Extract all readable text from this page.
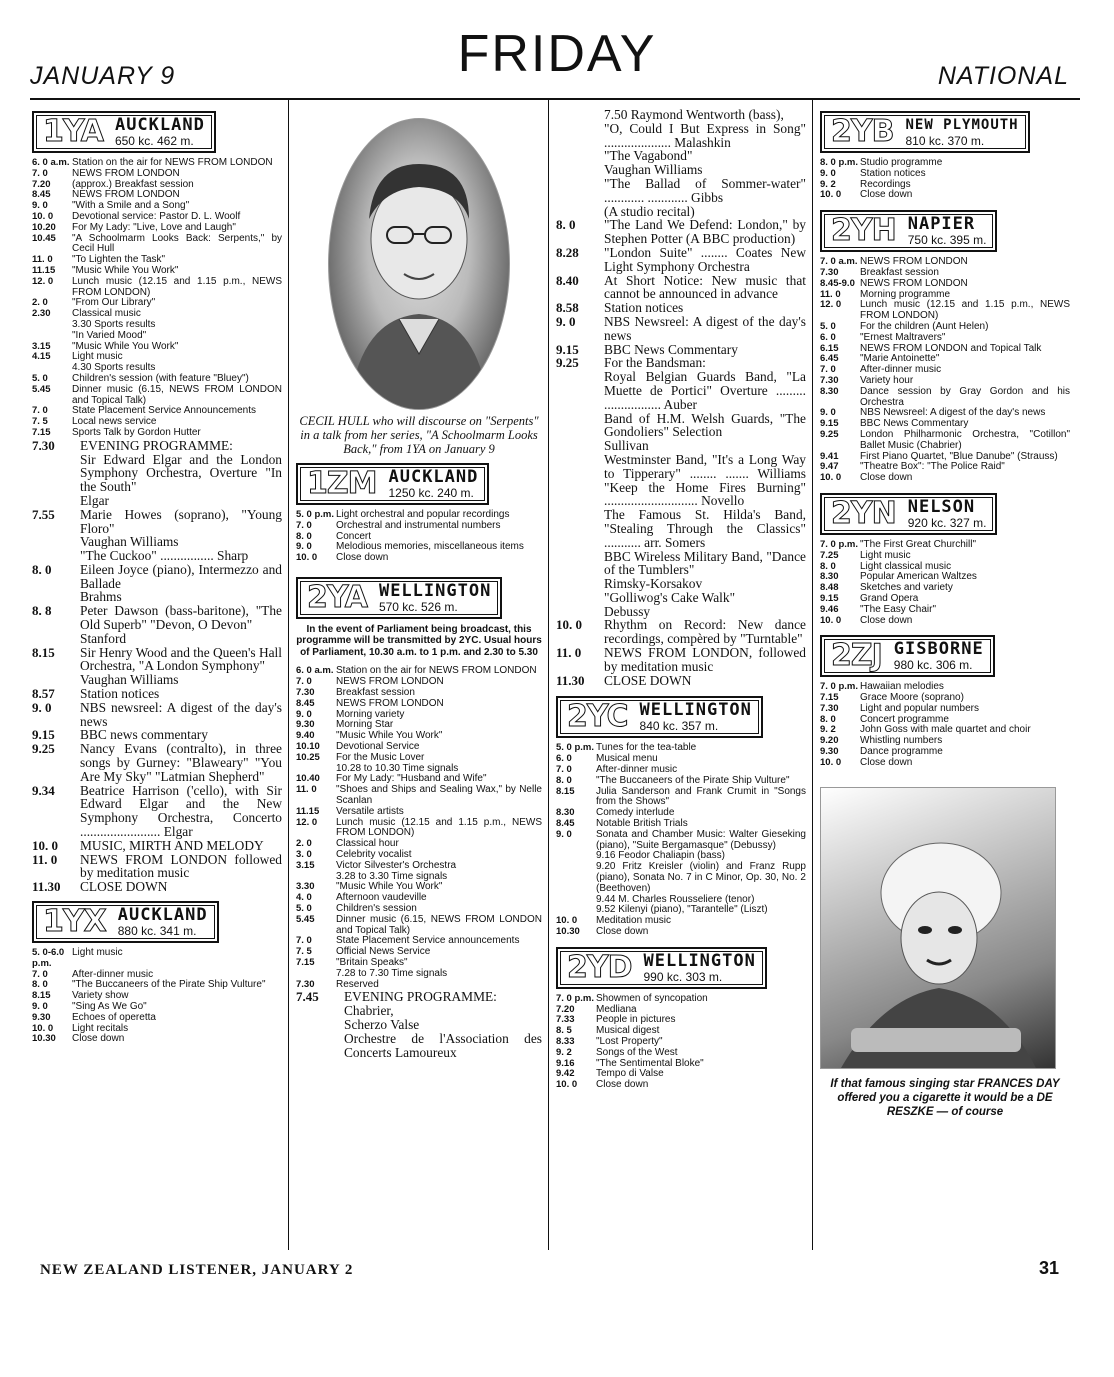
JANUARY 9	FRIDAY	NATIONAL
1YA AUCKLAND
650 kc. 462 m.
6. 0 a.m. Station on the air for NEWS FROM LONDON
7. 0	NEWS FROM LONDON
7.20	(approx.) Breakfast session
8.45	NEWS FROM LONDON
9. 0	"With a Smile and a Song"
10. 0	Devotional service: Pastor D. L. Woolf
10.20	For My Lady: "Live, Love and Laugh"
10.45	"A Schoolmarm Looks Back: Serpents," by Cecil Hull
11. 0	"To Lighten the Task"
11.15	"Music While You Work"
12. 0	Lunch music (12.15 and 1.15 p.m., NEWS FROM LONDON)
2. 0	"From Our Library"
2.30	Classical music
3.30 Sports results
"In Varied Mood"
3.15	"Music While You Work"
4.15	Light music
4.30 Sports results
5. 0	Children's session (with feature "Bluey")
5.45	Dinner music (6.15, NEWS FROM LONDON and Topical Talk)
7. 0	State Placement Service Announcements
7. 5	Local news service
7.15	Sports Talk by Gordon Hutter
7.30	EVENING PROGRAMME:
Sir Edward Elgar and the London Symphony Orchestra, Overture "In the South"
Elgar
7.55	Marie Howes (soprano), "Young Floro"
Vaughan Williams
"The Cuckoo" ................ Sharp
8. 0	Eileen Joyce (piano), Intermezzo and Ballade
Brahms
8. 8	Peter Dawson (bass-baritone), "The Old Superb" "Devon, O Devon"
Stanford
8.15	Sir Henry Wood and the Queen's Hall Orchestra, "A London Symphony"
Vaughan Williams
8.57	Station notices
9. 0	NBS newsreel: A digest of the day's news
9.15	BBC news commentary
9.25	Nancy Evans (contralto), in three songs by Gurney: "Blaweary" "You Are My Sky" "Latmian Shepherd"
9.34	Beatrice Harrison ('cello), with Sir Edward Elgar and the New Symphony Orchestra, Concerto ........................ Elgar
10. 0	MUSIC, MIRTH AND MELODY
11. 0	NEWS FROM LONDON followed by meditation music
11.30	CLOSE DOWN
1YX AUCKLAND
880 kc. 341 m.
5. 0-6.0 p.m.
Light music
7. 0	After-dinner music
8. 0	"The Buccaneers of the Pirate Ship Vulture"
8.15	Variety show
9. 0	"Sing As We Go"
9.30	Echoes of operetta
10. 0	Light recitals
10.30	Close down
CECIL HULL who will discourse on "Serpents" in a talk from her series, "A Schoolmarm Looks Back," from 1YA on January 9
1ZM AUCKLAND
1250 kc. 240 m.
5. 0 p.m. Light orchestral and popular recordings
7. 0	Orchestral and instrumental numbers
8. 0	Concert
9. 0	Melodious memories, miscellaneous items
10. 0	Close down
2YA WELLINGTON
570 kc. 526 m.
In the event of Parliament being broadcast, this programme will be transmitted by 2YC. Usual hours of Parliament, 10.30 a.m. to 1 p.m. and 2.30 to 5.30
6. 0 a.m. Station on the air for NEWS FROM LONDON
7. 0	NEWS FROM LONDON
7.30	Breakfast session
8.45	NEWS FROM LONDON
9. 0	Morning variety
9.30	Morning Star
9.40	"Music While You Work"
10.10	Devotional Service
10.25	For the Music Lover
10.28 to 10.30 Time signals
10.40	For My Lady: "Husband and Wife"
11. 0	"Shoes and Ships and Sealing Wax," by Nelle Scanlan
11.15	Versatile artists
12. 0	Lunch music (12.15 and 1.15 p.m., NEWS FROM LONDON)
2. 0	Classical hour
3. 0	Celebrity vocalist
3.15	Victor Silvester's Orchestra
3.28 to 3.30 Time signals
3.30	"Music While You Work"
4. 0	Afternoon vaudeville
5. 0	Children's session
5.45	Dinner music (6.15, NEWS FROM LONDON and Topical Talk)
7. 0	State Placement Service announcements
7. 5	Official News Service
7.15	"Britain Speaks"
7.28 to 7.30 Time signals
7.30	Reserved
7.45	EVENING PROGRAMME:
Chabrier,
Scherzo Valse
Orchestre de l'Association des Concerts Lamoureux
7.50 Raymond Wentworth (bass),
"O, Could I But Express in Song" .................... Malashkin
"The Vagabond"
Vaughan Williams
"The Ballad of Sommer-water" ............ ............ Gibbs
(A studio recital)
8. 0	"The Land We Defend: London," by Stephen Potter (A BBC production)
8.28	"London Suite" ........ Coates New Light Symphony Orchestra
8.40	At Short Notice: New music that cannot be announced in advance
8.58	Station notices
9. 0	NBS Newsreel: A digest of the day's news
9.15	BBC News Commentary
9.25	For the Bandsman:
Royal Belgian Guards Band, "La Muette de Portici" Overture ......... ................. Auber
Band of H.M. Welsh Guards, "The Gondoliers" Selection
Sullivan
Westminster Band, "It's a Long Way to Tipperary" ........ ....... Williams "Keep the Home Fires Burning" ............................ Novello
The Famous St. Hilda's Band, "Stealing Through the Classics" ........... arr. Somers
BBC Wireless Military Band, "Dance of the Tumblers"
Rimsky-Korsakov
"Golliwog's Cake Walk"
Debussy
10. 0	Rhythm on Record: New dance recordings, compèred by "Turntable"
11. 0	NEWS FROM LONDON, followed by meditation music
11.30	CLOSE DOWN
2YC WELLINGTON
840 kc. 357 m.
5. 0 p.m. Tunes for the tea-table
6. 0	Musical menu
7. 0	After-dinner music
8. 0	"The Buccaneers of the Pirate Ship Vulture"
8.15	Julia Sanderson and Frank Crumit in "Songs from the Shows"
8.30	Comedy interlude
8.45	Notable British Trials
9. 0	Sonata and Chamber Music: Walter Gieseking (piano), "Suite Bergamasque" (Debussy)
9.16 Feodor Chaliapin (bass)
9.20 Fritz Kreisler (violin) and Franz Rupp (piano), Sonata No. 7 in C Minor, Op. 30, No. 2 (Beethoven)
9.44 M. Charles Rousseliere (tenor)
9.52 Kilenyi (piano), "Tarantelle" (Liszt)
10. 0	Meditation music
10.30	Close down
2YD WELLINGTON
990 kc. 303 m.
7. 0 p.m. Showmen of syncopation
7.20	Medliana
7.33	People in pictures
8. 5	Musical digest
8.33	"Lost Property"
9. 2	Songs of the West
9.16	"The Sentimental Bloke"
9.42	Tempo di Valse
10. 0	Close down
2YB NEW PLYMOUTH
810 kc. 370 m.
8. 0 p.m. Studio programme
9. 0	Station notices
9. 2	Recordings
10. 0	Close down
2YH NAPIER
750 kc. 395 m.
7. 0 a.m. NEWS FROM LONDON
7.30	Breakfast session
8.45-9.0 NEWS FROM LONDON
11. 0	Morning programme
12. 0	Lunch music (12.15 and 1.15 p.m., NEWS FROM LONDON)
5. 0	For the children (Aunt Helen)
6. 0	"Ernest Maltravers"
6.15	NEWS FROM LONDON and Topical Talk
6.45	"Marie Antoinette"
7. 0	After-dinner music
7.30	Variety hour
8.30	Dance session by Gray Gordon and his Orchestra
9. 0	NBS Newsreel: A digest of the day's news
9.15	BBC News Commentary
9.25	London Philharmonic Orchestra, "Cotillon" Ballet Music (Chabrier)
9.41	First Piano Quartet, "Blue Danube" (Strauss)
9.47	"Theatre Box": "The Police Raid"
10. 0	Close down
2YN NELSON
920 kc. 327 m.
7. 0 p.m. "The First Great Churchill"
7.25	Light music
8. 0	Light classical music
8.30	Popular American Waltzes
8.48	Sketches and variety
9.15	Grand Opera
9.46	"The Easy Chair"
10. 0	Close down
2ZJ GISBORNE
980 kc. 306 m.
7. 0 p.m. Hawaiian melodies
7.15	Grace Moore (soprano)
7.30	Light and popular numbers
8. 0	Concert programme
9. 2	John Goss with male quartet and choir
9.20	Whistling numbers
9.30	Dance programme
10. 0	Close down
If that famous singing star FRANCES DAY offered you a cigarette it would be a DE RESZKE — of course
NEW ZEALAND LISTENER, JANUARY 2	31
